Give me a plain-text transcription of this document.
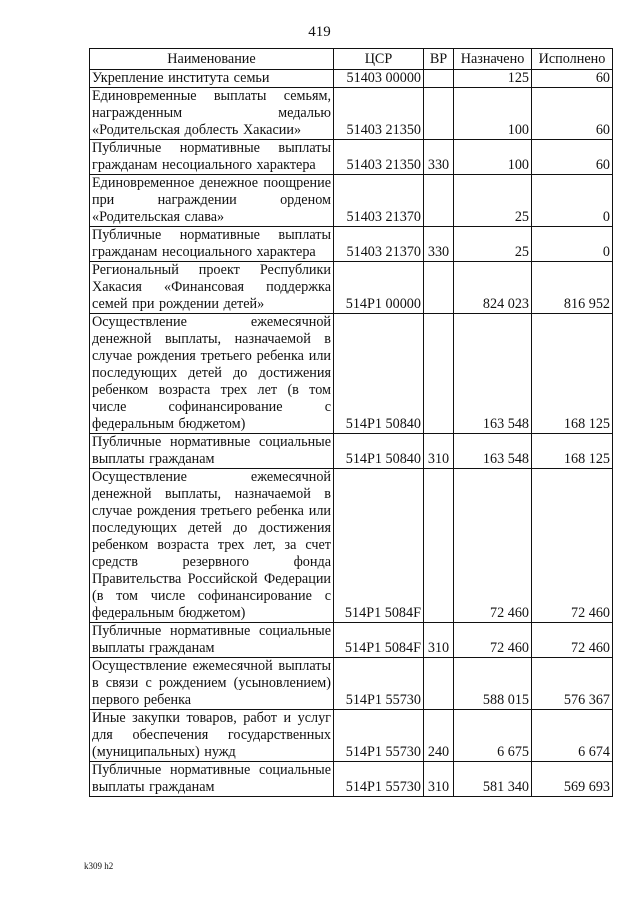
419
Наименование	ЦСР	ВР	Назначено	Исполнено
Укрепление института семьи	51403 00000		125	60
Единовременные выплаты семьям, награжденным медалью «Родительская доблесть Хакасии»	51403 21350		100	60
Публичные нормативные выплаты гражданам несоциального характера	51403 21350	330	100	60
Единовременное денежное поощрение при награждении орденом «Родительская слава»	51403 21370		25	0
Публичные нормативные выплаты гражданам несоциального характера	51403 21370	330	25	0
Региональный проект Республики Хакасия «Финансовая поддержка семей при рождении детей»	514P1 00000		824 023	816 952
Осуществление ежемесячной денежной выплаты, назначаемой в случае рождения третьего ребенка или последующих детей до достижения ребенком возраста трех лет (в том числе софинансирование с федеральным бюджетом)	514P1 50840		163 548	168 125
Публичные нормативные социальные выплаты гражданам	514P1 50840	310	163 548	168 125
Осуществление ежемесячной денежной выплаты, назначаемой в случае рождения третьего ребенка или последующих детей до достижения ребенком возраста трех лет, за счет средств резервного фонда Правительства Российской Федерации (в том числе софинансирование с федеральным бюджетом)	514P1 5084F		72 460	72 460
Публичные нормативные социальные выплаты гражданам	514P1 5084F	310	72 460	72 460
Осуществление ежемесячной выплаты в связи с рождением (усыновлением) первого ребенка	514P1 55730		588 015	576 367
Иные закупки товаров, работ и услуг для обеспечения государственных (муниципальных) нужд	514P1 55730	240	6 675	6 674
Публичные нормативные социальные выплаты гражданам	514P1 55730	310	581 340	569 693
k309 h2
